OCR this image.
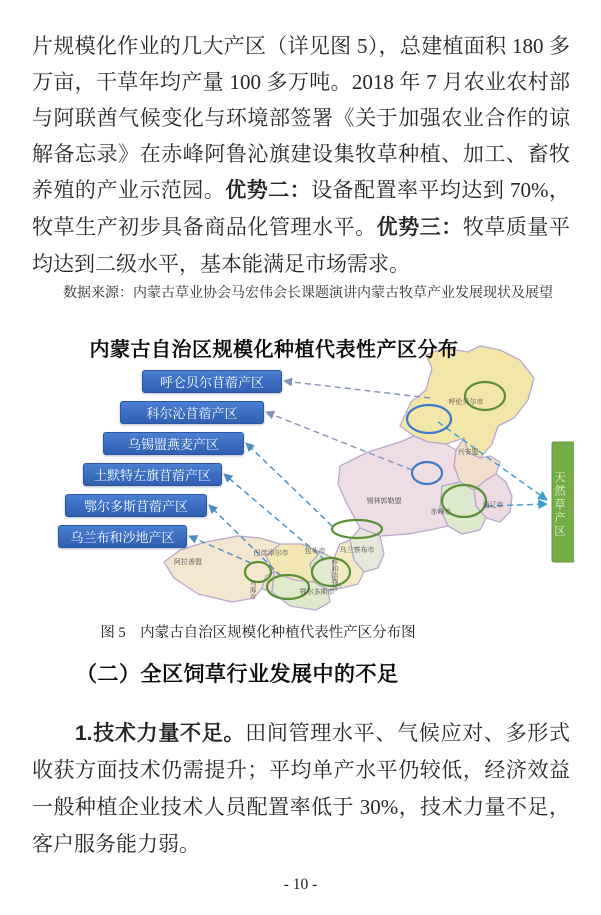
片规模化作业的几大产区（详见图 5），总建植面积 180 多万亩，干草年均产量 100 多万吨。2018 年 7 月农业农村部与阿联酋气候变化与环境部签署《关于加强农业合作的谅解备忘录》在赤峰阿鲁沁旗建设集牧草种植、加工、畜牧养殖的产业示范园。优势二：设备配置率平均达到 70%，牧草生产初步具备商品化管理水平。优势三：牧草质量平均达到二级水平，基本能满足市场需求。

数据来源：内蒙古草业协会马宏伟会长课题演讲内蒙古牧草产业发展现状及展望
呼伦贝尔市
兴安盟
通辽市
赤峰市
锡林郭勒盟
乌兰察布市
包头市
巴彦淖尔市
阿拉善盟
鄂尔多斯市
呼和浩特市
乌海市
天然草产区
内蒙古自治区规模化种植代表性产区分布
呼仑贝尔苜蓿产区
科尔沁苜蓿产区
乌锡盟燕麦产区
土默特左旗苜蓿产区
鄂尔多斯苜蓿产区
乌兰布和沙地产区
图 5　内蒙古自治区规模化种植代表性产区分布图
（二）全区饲草行业发展中的不足

1.技术力量不足。田间管理水平、气候应对、多形式收获方面技术仍需提升；平均单产水平仍较低，经济效益一般种植企业技术人员配置率低于 30%，技术力量不足，客户服务能力弱。

- 10 -
